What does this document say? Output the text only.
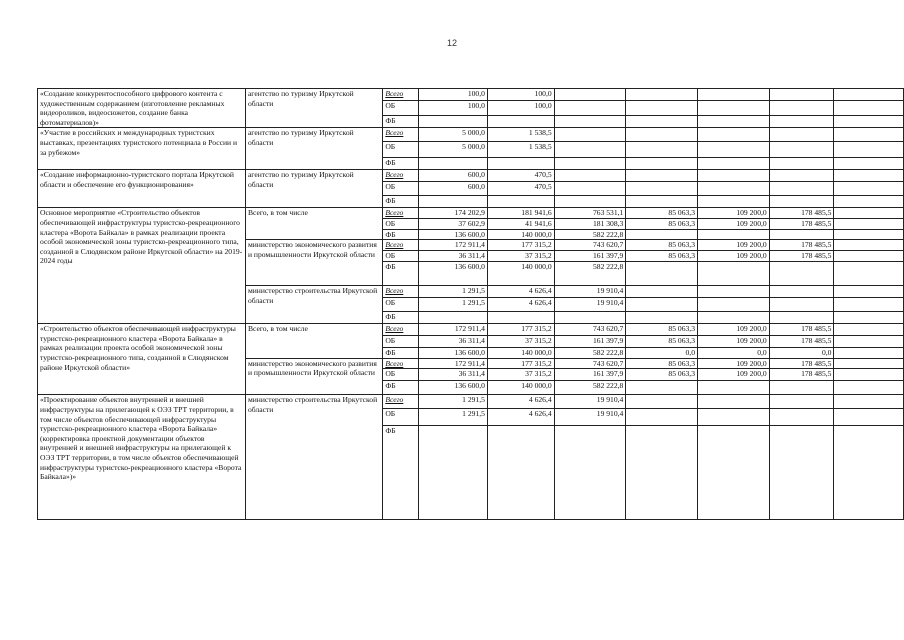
12
«Создание конкурентоспособного цифрового контента с художественным содержанием (изготовление рекламных видеороликов, видеосюжетов, создание банка фотоматериалов)»	агентство по туризму Иркутской области	Всего	100,0	100,0					
		ОБ	100,0	100,0					
		ФБ							
«Участие в российских и международных туристских выставках, презентациях туристского потенциала в России и за рубежом»	агентство по туризму Иркутской области	Всего	5 000,0	1 538,5					
		ОБ	5 000,0	1 538,5					
		ФБ							
«Создание информационно-туристского портала Иркутской области и обеспечение его функционирования»	агентство по туризму Иркутской области	Всего	600,0	470,5					
		ОБ	600,0	470,5					
		ФБ							
Основное мероприятие «Строительство объектов обеспечивающей инфраструктуры туристско-рекреационного кластера «Ворота Байкала» в рамках реализации проекта особой экономической зоны туристско-рекреационного типа, созданной в Слюдянском районе Иркутской области» на 2019-2024 годы	Всего, в том числе	Всего	174 202,9	181 941,6	763 531,1	85 063,3	109 200,0	178 485,5	
		ОБ	37 602,9	41 941,6	181 308,3	85 063,3	109 200,0	178 485,5	
		ФБ	136 600,0	140 000,0	582 222,8				
	министерство экономического развития и промышленности Иркутской области	Всего	172 911,4	177 315,2	743 620,7	85 063,3	109 200,0	178 485,5	
		ОБ	36 311,4	37 315,2	161 397,9	85 063,3	109 200,0	178 485,5	
		ФБ	136 600,0	140 000,0	582 222,8				
	министерство строительства Иркутской области	Всего	1 291,5	4 626,4	19 910,4				
		ОБ	1 291,5	4 626,4	19 910,4				
		ФБ							
«Строительство объектов обеспечивающей инфраструктуры туристско-рекреационного кластера «Ворота Байкала» в рамках реализации проекта особой экономической зоны туристско-рекреационного типа, созданной в Слюдянском районе Иркутской области»	Всего, в том числе	Всего	172 911,4	177 315,2	743 620,7	85 063,3	109 200,0	178 485,5	
		ОБ	36 311,4	37 315,2	161 397,9	85 063,3	109 200,0	178 485,5	
		ФБ	136 600,0	140 000,0	582 222,8	0,0	0,0	0,0	
	министерство экономического развития и промышленности Иркутской области	Всего	172 911,4	177 315,2	743 620,7	85 063,3	109 200,0	178 485,5	
		ОБ	36 311,4	37 315,2	161 397,9	85 063,3	109 200,0	178 485,5	
		ФБ	136 600,0	140 000,0	582 222,8				
«Проектирование объектов внутренней и внешней инфраструктуры на прилегающей к ОЭЗ ТРТ территории, в том числе объектов обеспечивающей инфраструктуры туристско-рекреационного кластера «Ворота Байкала» (корректировка проектной документации объектов внутренней и внешней инфраструктуры на прилегающей к ОЭЗ ТРТ территории, в том числе объектов обеспечивающей инфраструктуры туристско-рекреационного кластера «Ворота Байкала»)»	министерство строительства Иркутской области	Всего	1 291,5	4 626,4	19 910,4				
		ОБ	1 291,5	4 626,4	19 910,4				
		ФБ							
